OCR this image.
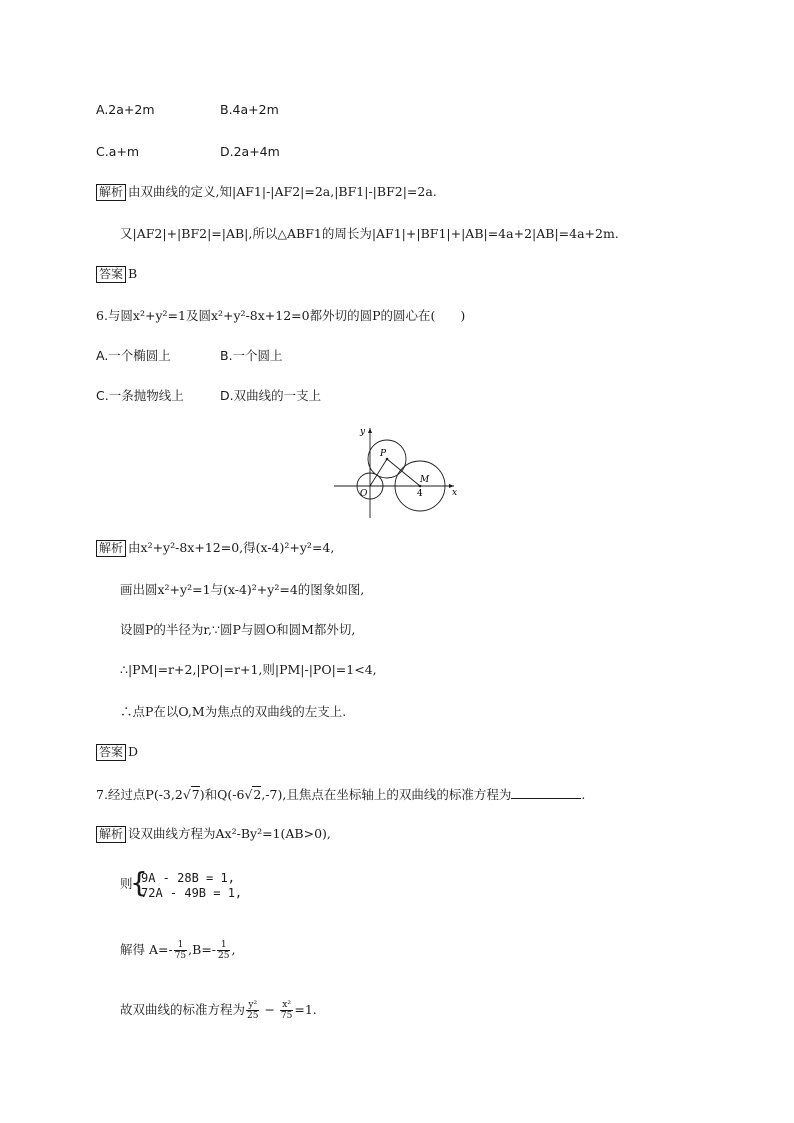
A.2a+2m	B.4a+2m
C.a+m	D.2a+4m
解析 由双曲线的定义,知|AF1|-|AF2|=2a,|BF1|-|BF2|=2a.
又|AF2|+|BF2|=|AB|,所以△ABF1的周长为|AF1|+|BF1|+|AB|=4a+2|AB|=4a+2m.
答案 B
6.与圆x²+y²=1及圆x²+y²-8x+12=0都外切的圆P的圆心在(　　)
A.一个椭圆上	B.一个圆上
C.一条抛物线上	D.双曲线的一支上
y
x
O
P
M
4
解析 由x²+y²-8x+12=0,得(x-4)²+y²=4,
画出圆x²+y²=1与(x-4)²+y²=4的图象如图,
设圆P的半径为r,∵圆P与圆O和圆M都外切,
∴|PM|=r+2,|PO|=r+1,则|PM|-|PO|=1<4,
∴点P在以O,M为焦点的双曲线的左支上.
答案 D
7.经过点P(-3,2√7)和Q(-6√2,-7),且焦点在坐标轴上的双曲线的标准方程为	.
解析 设双曲线方程为Ax²-By²=1(AB>0),
则
{
9A - 28B = 1,
72A - 49B = 1,
解得 $A=- \frac{1}{75} ,B=- \frac{1}{25}$ ,
故双曲线的标准方程为 $\frac{\text{y²}}{25} - \frac{\text{x²}}{75} =1$.
